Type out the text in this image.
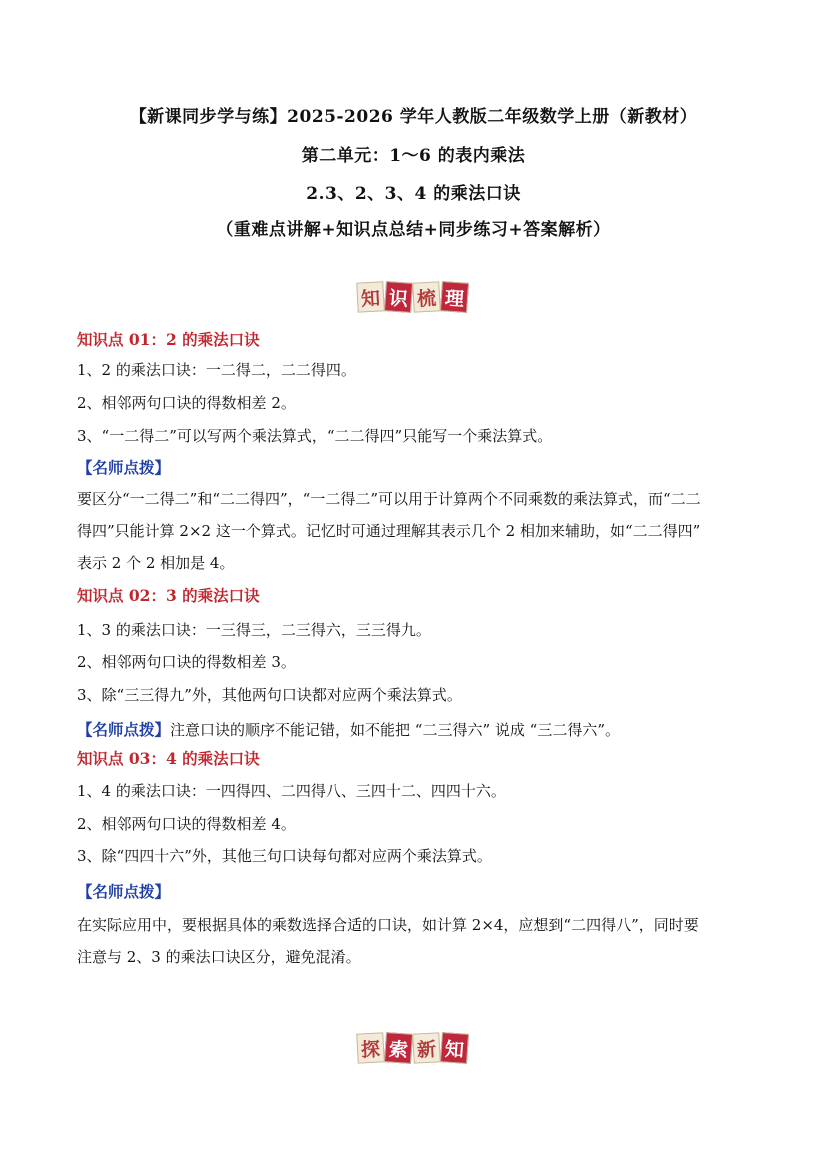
【新课同步学与练】2025-2026 学年人教版二年级数学上册（新教材）
第二单元：1～6 的表内乘法
2.3、2、3、4 的乘法口诀
（重难点讲解+知识点总结+同步练习+答案解析）
知 识 梳 理
知识点 01：2 的乘法口诀
1、2 的乘法口诀：一二得二，二二得四。
2、相邻两句口诀的得数相差 2。
3、“一二得二”可以写两个乘法算式，“二二得四”只能写一个乘法算式。
【名师点拨】
要区分“一二得二”和“二二得四”，“一二得二”可以用于计算两个不同乘数的乘法算式，而“二二
得四”只能计算 2×2 这一个算式。记忆时可通过理解其表示几个 2 相加来辅助，如“二二得四”
表示 2 个 2 相加是 4。
知识点 02：3 的乘法口诀
1、3 的乘法口诀：一三得三，二三得六，三三得九。
2、相邻两句口诀的得数相差 3。
3、除“三三得九”外，其他两句口诀都对应两个乘法算式。
【名师点拨】注意口诀的顺序不能记错，如不能把 “二三得六” 说成 “三二得六”。
知识点 03：4 的乘法口诀
1、4 的乘法口诀：一四得四、二四得八、三四十二、四四十六。
2、相邻两句口诀的得数相差 4。
3、除“四四十六”外，其他三句口诀每句都对应两个乘法算式。
【名师点拨】
在实际应用中，要根据具体的乘数选择合适的口诀，如计算 2×4，应想到“二四得八”，同时要
注意与 2、3 的乘法口诀区分，避免混淆。
探 索 新 知
